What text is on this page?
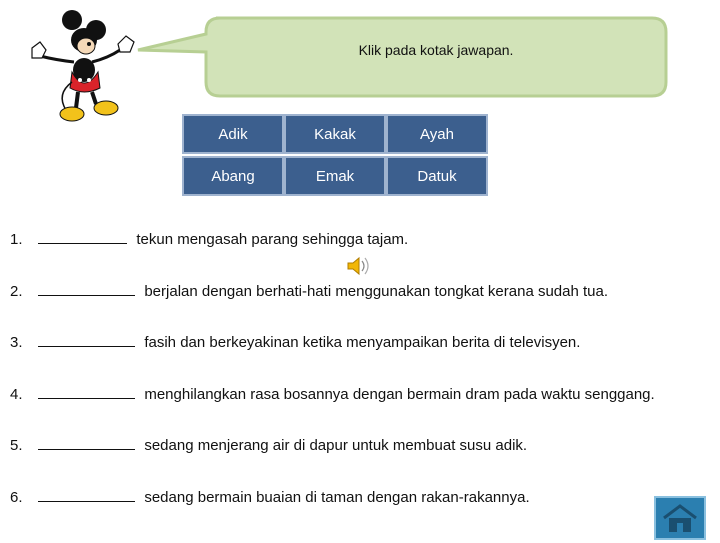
Klik pada kotak jawapan.
Adik	Kakak	Ayah
Abang	Emak	Datuk
1.	tekun mengasah parang sehingga tajam.
2.	berjalan dengan berhati-hati menggunakan tongkat kerana sudah tua.
3.	fasih dan berkeyakinan ketika menyampaikan berita di televisyen.
4.	menghilangkan rasa bosannya dengan bermain dram pada waktu senggang.
5.	sedang menjerang air di dapur untuk membuat susu adik.
6.	sedang bermain buaian di taman dengan rakan-rakannya.
